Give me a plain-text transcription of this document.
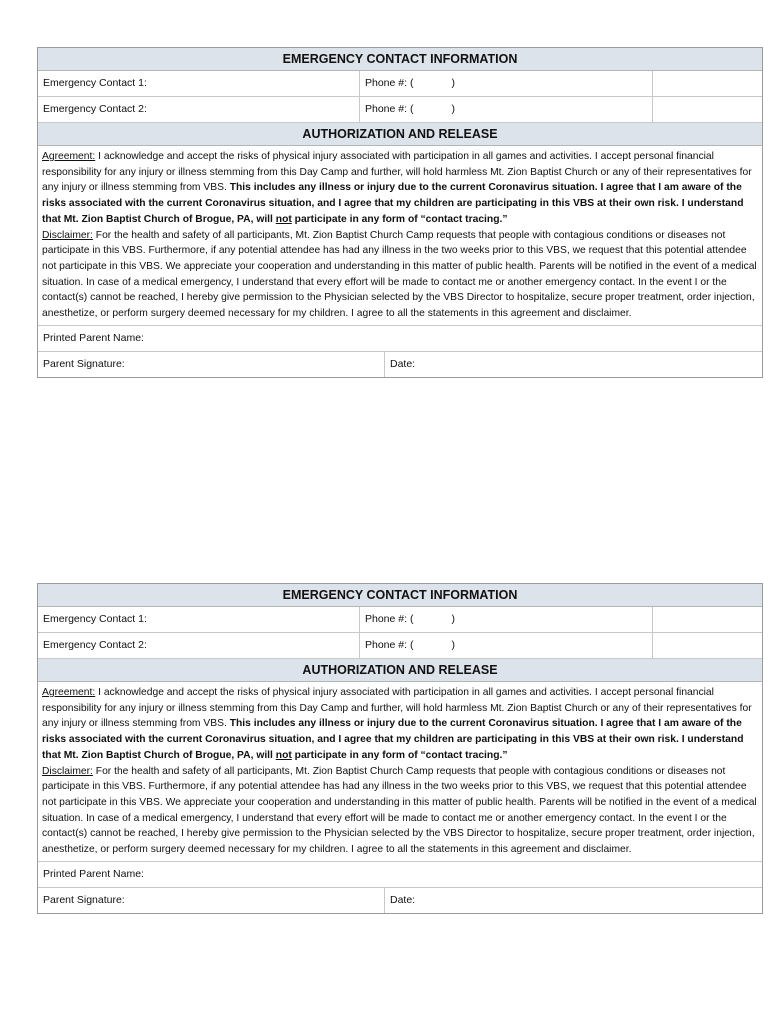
EMERGENCY CONTACT INFORMATION
Emergency Contact 1:	Phone #: (	)
Emergency Contact 2:	Phone #: (	)
AUTHORIZATION AND RELEASE
Agreement: I acknowledge and accept the risks of physical injury associated with participation in all games and activities. I accept personal financial responsibility for any injury or illness stemming from this Day Camp and further, will hold harmless Mt. Zion Baptist Church or any of their representatives for any injury or illness stemming from VBS. This includes any illness or injury due to the current Coronavirus situation. I agree that I am aware of the risks associated with the current Coronavirus situation, and I agree that my children are participating in this VBS at their own risk. I understand that Mt. Zion Baptist Church of Brogue, PA, will not participate in any form of “contact tracing.”
Disclaimer: For the health and safety of all participants, Mt. Zion Baptist Church Camp requests that people with contagious conditions or diseases not participate in this VBS. Furthermore, if any potential attendee has had any illness in the two weeks prior to this VBS, we request that this potential attendee not participate in this VBS. We appreciate your cooperation and understanding in this matter of public health. Parents will be notified in the event of a medical situation. In case of a medical emergency, I understand that every effort will be made to contact me or another emergency contact. In the event I or the contact(s) cannot be reached, I hereby give permission to the Physician selected by the VBS Director to hospitalize, secure proper treatment, order injection, anesthetize, or perform surgery deemed necessary for my children. I agree to all the statements in this agreement and disclaimer.
Printed Parent Name:
Parent Signature:	Date:
EMERGENCY CONTACT INFORMATION
Emergency Contact 1:	Phone #: (	)
Emergency Contact 2:	Phone #: (	)
AUTHORIZATION AND RELEASE
Agreement: I acknowledge and accept the risks of physical injury associated with participation in all games and activities. I accept personal financial responsibility for any injury or illness stemming from this Day Camp and further, will hold harmless Mt. Zion Baptist Church or any of their representatives for any injury or illness stemming from VBS. This includes any illness or injury due to the current Coronavirus situation. I agree that I am aware of the risks associated with the current Coronavirus situation, and I agree that my children are participating in this VBS at their own risk. I understand that Mt. Zion Baptist Church of Brogue, PA, will not participate in any form of “contact tracing.”
Disclaimer: For the health and safety of all participants, Mt. Zion Baptist Church Camp requests that people with contagious conditions or diseases not participate in this VBS. Furthermore, if any potential attendee has had any illness in the two weeks prior to this VBS, we request that this potential attendee not participate in this VBS. We appreciate your cooperation and understanding in this matter of public health. Parents will be notified in the event of a medical situation. In case of a medical emergency, I understand that every effort will be made to contact me or another emergency contact. In the event I or the contact(s) cannot be reached, I hereby give permission to the Physician selected by the VBS Director to hospitalize, secure proper treatment, order injection, anesthetize, or perform surgery deemed necessary for my children. I agree to all the statements in this agreement and disclaimer.
Printed Parent Name:
Parent Signature:	Date:
